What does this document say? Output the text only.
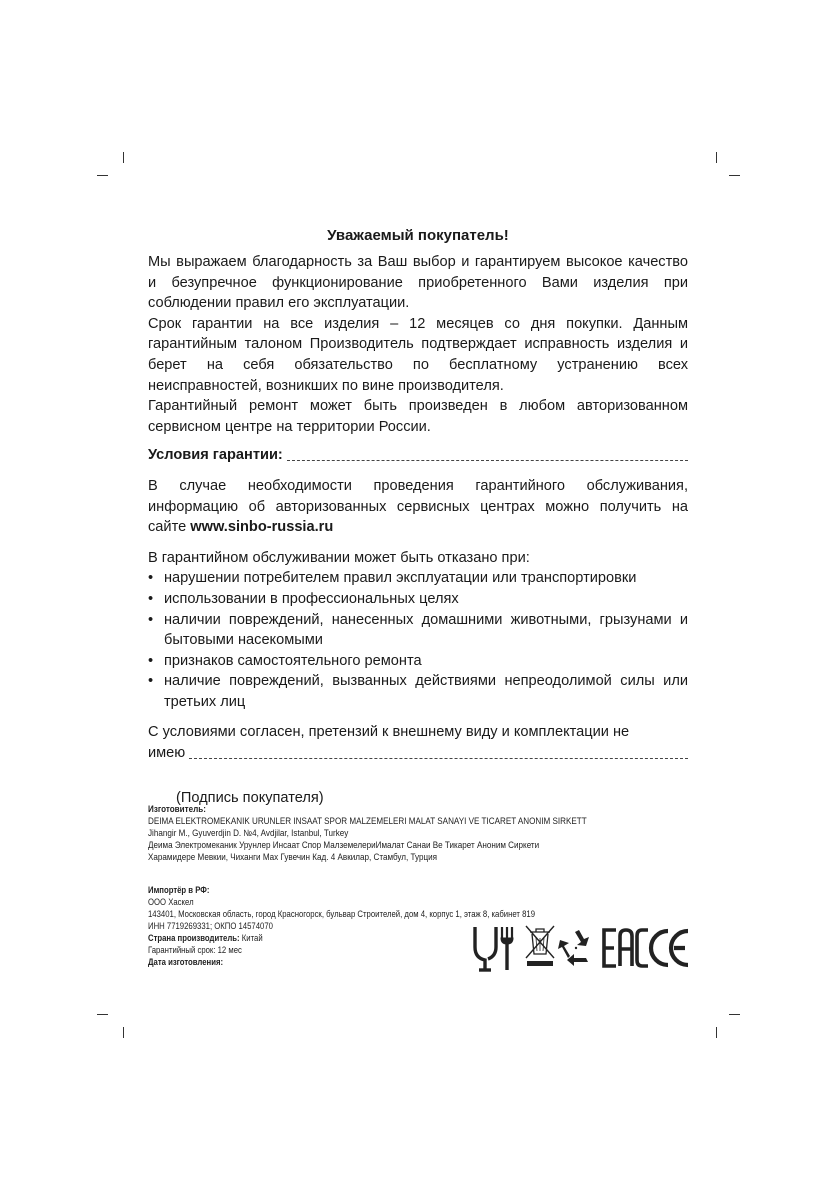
Уважаемый покупатель!
Мы выражаем благодарность за Ваш выбор и гарантируем высокое качество
и безупречное функционирование приобретенного Вами изделия при
соблюдении правил его эксплуатации.
Срок гарантии на все изделия – 12 месяцев со дня покупки. Данным
гарантийным талоном Производитель подтверждает исправность изделия и
берет на себя обязательство по бесплатному устранению всех
неисправностей, возникших по вине производителя.
Гарантийный ремонт может быть произведен в любом авторизованном
сервисном центре на территории России.
Условия гарантии:
В случае необходимости проведения гарантийного обслуживания,
информацию об авторизованных сервисных центрах можно получить на
сайте www.sinbo-russia.ru
В гарантийном обслуживании может быть отказано при:
• нарушении потребителем правил эксплуатации или транспортировки
• использовании в профессиональных целях
• наличии повреждений, нанесенных домашними животными, грызунами и бытовыми насекомыми
• признаков самостоятельного ремонта
• наличие повреждений, вызванных действиями непреодолимой силы или третьих лиц
С условиями согласен, претензий к внешнему виду и комплектации не
имею
(Подпись покупателя)
Изготовитель:
DEIMA ELEKTROMEKANIK URUNLER INSAAT SPOR MALZEMELERI MALAT SANAYI VE TICARET ANONIM SIRKETT
Jihangir M., Gyuverdjin D. №4, Avdjilar, Istanbul, Turkey
Деима Электромеканик Урунлер Инсаат Спор МалземелериИмалат Санаи Ве Тикарет Аноним Сиркети
Харамидере Мевкии, Чиханги Мах Гувечин Кад. 4 Авкилар, Стамбул, Турция
Импортёр в РФ:
ООО Хаскел
143401, Московская область, город Красногорск, бульвар Строителей, дом 4, корпус 1, этаж 8, кабинет 819
ИНН 7719269331; ОКПО 14574070
Страна производитель: Китай
Гарантийный срок: 12 мес
Дата изготовления:
